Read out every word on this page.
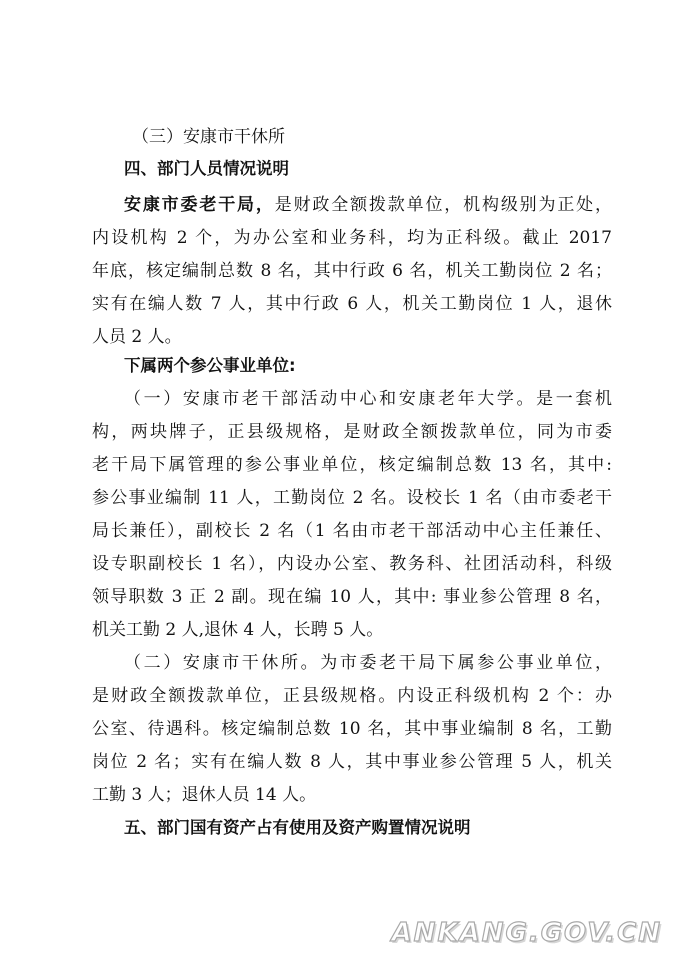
（三）安康市干休所
四、部门人员情况说明
安康市委老干局，是财政全额拨款单位，机构级别为正处，
内设机构 2 个，为办公室和业务科，均为正科级。截止 2017
年底，核定编制总数 8 名，其中行政 6 名，机关工勤岗位 2 名；
实有在编人数 7 人，其中行政 6 人，机关工勤岗位 1 人，退休
人员 2 人。
下属两个参公事业单位:
（一）安康市老干部活动中心和安康老年大学。是一套机
构，两块牌子，正县级规格，是财政全额拨款单位，同为市委
老干局下属管理的参公事业单位，核定编制总数 13 名，其中:
参公事业编制 11 人，工勤岗位 2 名。设校长 1 名（由市委老干
局长兼任），副校长 2 名（1 名由市老干部活动中心主任兼任、
设专职副校长 1 名），内设办公室、教务科、社团活动科，科级
领导职数 3 正 2 副。现在编 10 人，其中: 事业参公管理 8 名，
机关工勤 2 人,退休 4 人，长聘 5 人。
（二）安康市干休所。为市委老干局下属参公事业单位，
是财政全额拨款单位，正县级规格。内设正科级机构 2 个：办
公室、待遇科。核定编制总数 10 名，其中事业编制 8 名，工勤
岗位 2 名；实有在编人数 8 人，其中事业参公管理 5 人，机关
工勤 3 人；退休人员 14 人。
五、部门国有资产占有使用及资产购置情况说明
ANKANG.GOV.CN
